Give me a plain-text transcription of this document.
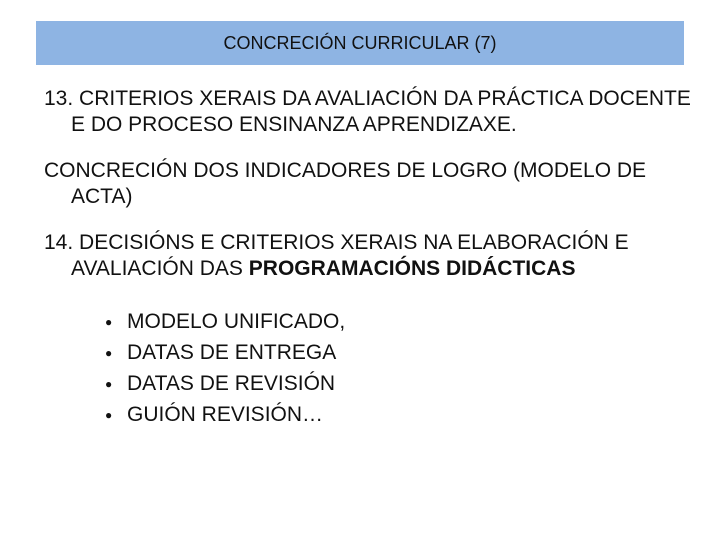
CONCRECIÓN CURRICULAR (7)

13. CRITERIOS XERAIS DA AVALIACIÓN DA PRÁCTICA DOCENTE E DO PROCESO ENSINANZA APRENDIZAXE.

CONCRECIÓN DOS INDICADORES DE LOGRO (MODELO DE ACTA)

14. DECISIÓNS E CRITERIOS XERAIS NA ELABORACIÓN E AVALIACIÓN DAS PROGRAMACIÓNS DIDÁCTICAS

● MODELO UNIFICADO,
● DATAS DE ENTREGA
● DATAS DE REVISIÓN
● GUIÓN REVISIÓN…
